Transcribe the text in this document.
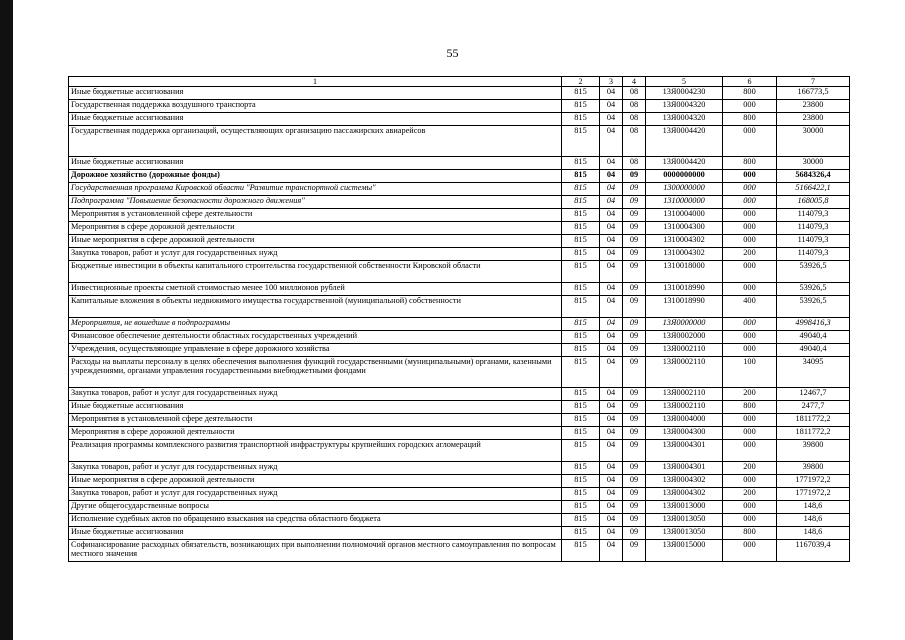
55
1	2	3	4	5	6	7
Иные бюджетные ассигнования	815	04	08	13Я0004230	800	166773,5
Государственная поддержка воздушного транспорта	815	04	08	13Я0004320	000	23800
Иные бюджетные ассигнования	815	04	08	13Я0004320	800	23800
Государственная поддержка организаций, осуществляющих организацию пассажирских авиарейсов	815	04	08	13Я0004420	000	30000
Иные бюджетные ассигнования	815	04	08	13Я0004420	800	30000
Дорожное хозяйство (дорожные фонды)	815	04	09	0000000000	000	5684326,4
Государственная программа Кировской области "Развитие транспортной системы"	815	04	09	1300000000	000	5166422,1
Подпрограмма "Повышение безопасности дорожного движения"	815	04	09	1310000000	000	168005,8
Мероприятия в установленной сфере деятельности	815	04	09	1310004000	000	114079,3
Мероприятия в сфере дорожной деятельности	815	04	09	1310004300	000	114079,3
Иные мероприятия в сфере дорожной деятельности	815	04	09	1310004302	000	114079,3
Закупка товаров, работ и услуг для государственных нужд	815	04	09	1310004302	200	114079,3
Бюджетные инвестиции в объекты капитального строительства государственной собственности Кировской области	815	04	09	1310018000	000	53926,5
Инвестиционные проекты сметной стоимостью менее 100 миллионов рублей	815	04	09	1310018990	000	53926,5
Капитальные вложения в объекты недвижимого имущества государственной (муниципальной) собственности	815	04	09	1310018990	400	53926,5
Мероприятия, не вошедшие в подпрограммы	815	04	09	13Я0000000	000	4998416,3
Финансовое обеспечение деятельности областных государственных учреждений	815	04	09	13Я0002000	000	49040,4
Учреждения, осуществляющие управление в сфере дорожного хозяйства	815	04	09	13Я0002110	000	49040,4
Расходы на выплаты персоналу в целях обеспечения выполнения функций государственными (муниципальными) органами, казенными учреждениями, органами управления государственными внебюджетными фондами	815	04	09	13Я0002110	100	34095
Закупка товаров, работ и услуг для государственных нужд	815	04	09	13Я0002110	200	12467,7
Иные бюджетные ассигнования	815	04	09	13Я0002110	800	2477,7
Мероприятия в установленной сфере деятельности	815	04	09	13Я0004000	000	1811772,2
Мероприятия в сфере дорожной деятельности	815	04	09	13Я0004300	000	1811772,2
Реализация программы комплексного развития транспортной инфраструктуры крупнейших городских агломераций	815	04	09	13Я0004301	000	39800
Закупка товаров, работ и услуг для государственных нужд	815	04	09	13Я0004301	200	39800
Иные мероприятия в сфере дорожной деятельности	815	04	09	13Я0004302	000	1771972,2
Закупка товаров, работ и услуг для государственных нужд	815	04	09	13Я0004302	200	1771972,2
Другие общегосударственные вопросы	815	04	09	13Я0013000	000	148,6
Исполнение судебных актов по обращению взыскания на средства областного бюджета	815	04	09	13Я0013050	000	148,6
Иные бюджетные ассигнования	815	04	09	13Я0013050	800	148,6
Софинансирование расходных обязательств, возникающих при выполнении полномочий органов местного самоуправления по вопросам местного значения	815	04	09	13Я0015000	000	1167039,4
